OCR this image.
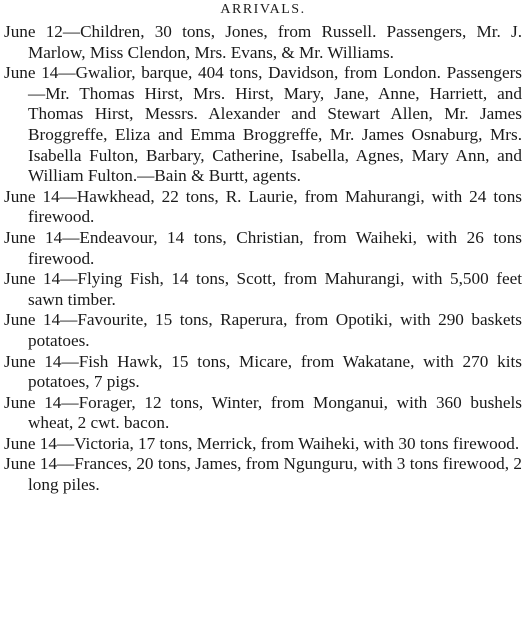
ARRIVALS.

June 12—Children, 30 tons, Jones, from Russell. Passengers, Mr. J. Marlow, Miss Clendon, Mrs. Evans, & Mr. Williams.

June 14—Gwalior, barque, 404 tons, Davidson, from London. Passengers—Mr. Thomas Hirst, Mrs. Hirst, Mary, Jane, Anne, Harriett, and Thomas Hirst, Messrs. Alexander and Stewart Allen, Mr. James Broggreffe, Eliza and Emma Broggreffe, Mr. James Osnaburg, Mrs. Isabella Fulton, Barbary, Catherine, Isabella, Agnes, Mary Ann, and William Fulton.—Bain & Burtt, agents.

June 14—Hawkhead, 22 tons, R. Laurie, from Mahurangi, with 24 tons firewood.

June 14—Endeavour, 14 tons, Christian, from Waiheki, with 26 tons firewood.

June 14—Flying Fish, 14 tons, Scott, from Mahurangi, with 5,500 feet sawn timber.

June 14—Favourite, 15 tons, Raperura, from Opotiki, with 290 baskets potatoes.

June 14—Fish Hawk, 15 tons, Micare, from Wakatane, with 270 kits potatoes, 7 pigs.

June 14—Forager, 12 tons, Winter, from Monganui, with 360 bushels wheat, 2 cwt. bacon.

June 14—Victoria, 17 tons, Merrick, from Waiheki, with 30 tons firewood.

June 14—Frances, 20 tons, James, from Ngunguru, with 3 tons firewood, 2 long piles.
